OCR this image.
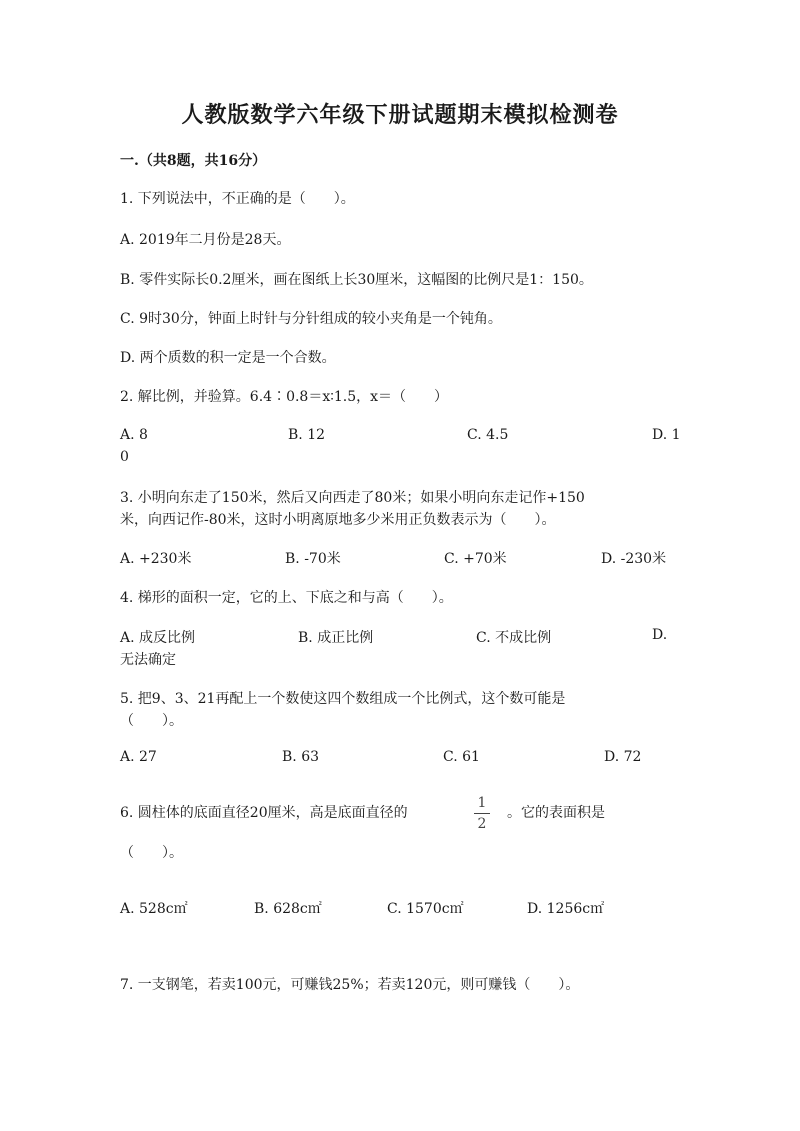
人教版数学六年级下册试题期末模拟检测卷
一.（共8题，共16分）
1. 下列说法中，不正确的是（　　）。
A. 2019年二月份是28天。
B. 零件实际长0.2厘米，画在图纸上长30厘米，这幅图的比例尺是1：150。
C. 9时30分，钟面上时针与分针组成的较小夹角是一个钝角。
D. 两个质数的积一定是一个合数。
2. 解比例，并验算。6.4∶0.8＝x∶1.5，x＝（　　）
A. 8	B. 12	C. 4.5	D. 1
0
3. 小明向东走了150米，然后又向西走了80米；如果小明向东走记作+150
米，向西记作-80米，这时小明离原地多少米用正负数表示为（　　）。
A. +230米	B. -70米	C. +70米	D. -230米
4. 梯形的面积一定，它的上、下底之和与高（　　）。
A. 成反比例	B. 成正比例	C. 不成比例	D.
无法确定
5. 把9、3、21再配上一个数使这四个数组成一个比例式，这个数可能是
（　　）。
A. 27	B. 63	C. 61	D. 72
6. 圆柱体的底面直径20厘米，高是底面直径的
1
2
。它的表面积是
（　　）。
A. 528c㎡	B. 628c㎡	C. 1570c㎡	D. 1256c㎡
7. 一支钢笔，若卖100元，可赚钱25%；若卖120元，则可赚钱（　　）。
